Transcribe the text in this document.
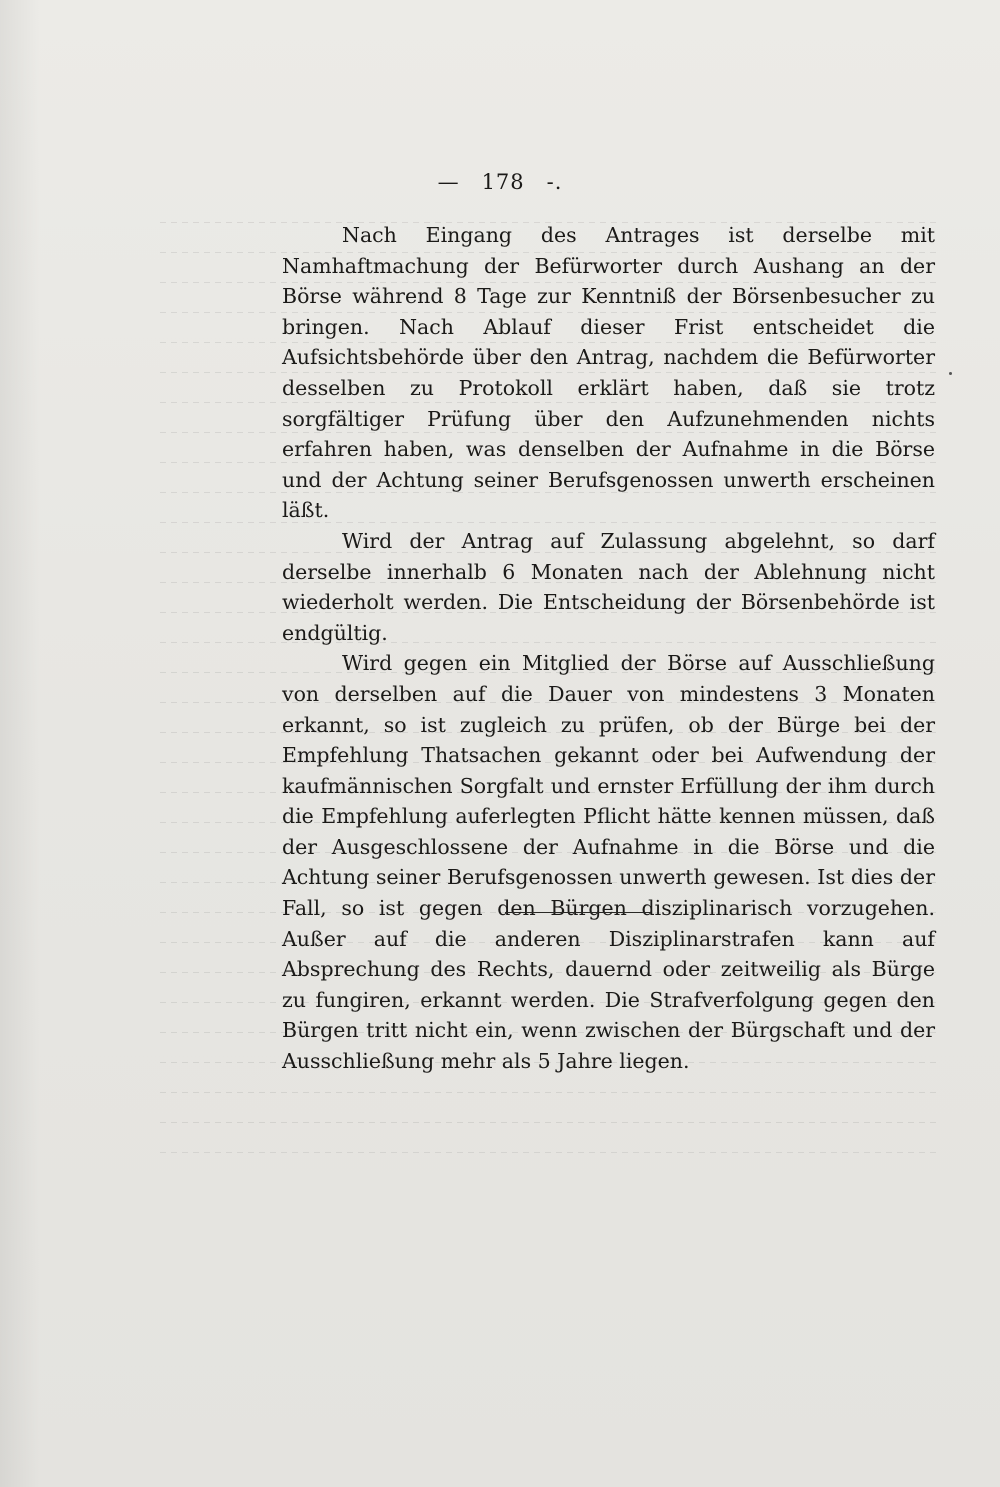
— 178 -.

Nach Eingang des Antrages ist derselbe mit Namhaftmachung der Befürworter durch Aushang an der Börse während 8 Tage zur Kenntniß der Börsenbesucher zu bringen. Nach Ablauf dieser Frist entscheidet die Aufsichtsbehörde über den Antrag, nachdem die Befürworter desselben zu Protokoll erklärt haben, daß sie trotz sorgfältiger Prüfung über den Aufzunehmenden nichts erfahren haben, was denselben der Aufnahme in die Börse und der Achtung seiner Berufsgenossen unwerth erscheinen läßt.

Wird der Antrag auf Zulassung abgelehnt, so darf derselbe innerhalb 6 Monaten nach der Ablehnung nicht wiederholt werden. Die Entscheidung der Börsenbehörde ist endgültig.

Wird gegen ein Mitglied der Börse auf Ausschließung von derselben auf die Dauer von mindestens 3 Monaten erkannt, so ist zugleich zu prüfen, ob der Bürge bei der Empfehlung Thatsachen gekannt oder bei Aufwendung der kaufmännischen Sorgfalt und ernster Erfüllung der ihm durch die Empfehlung auferlegten Pflicht hätte kennen müssen, daß der Ausgeschlossene der Aufnahme in die Börse und die Achtung seiner Berufsgenossen unwerth gewesen. Ist dies der Fall, so ist gegen den Bürgen disziplinarisch vorzugehen. Außer auf die anderen Disziplinarstrafen kann auf Absprechung des Rechts, dauernd oder zeitweilig als Bürge zu fungiren, erkannt werden. Die Strafverfolgung gegen den Bürgen tritt nicht ein, wenn zwischen der Bürgschaft und der Ausschließung mehr als 5 Jahre liegen.
